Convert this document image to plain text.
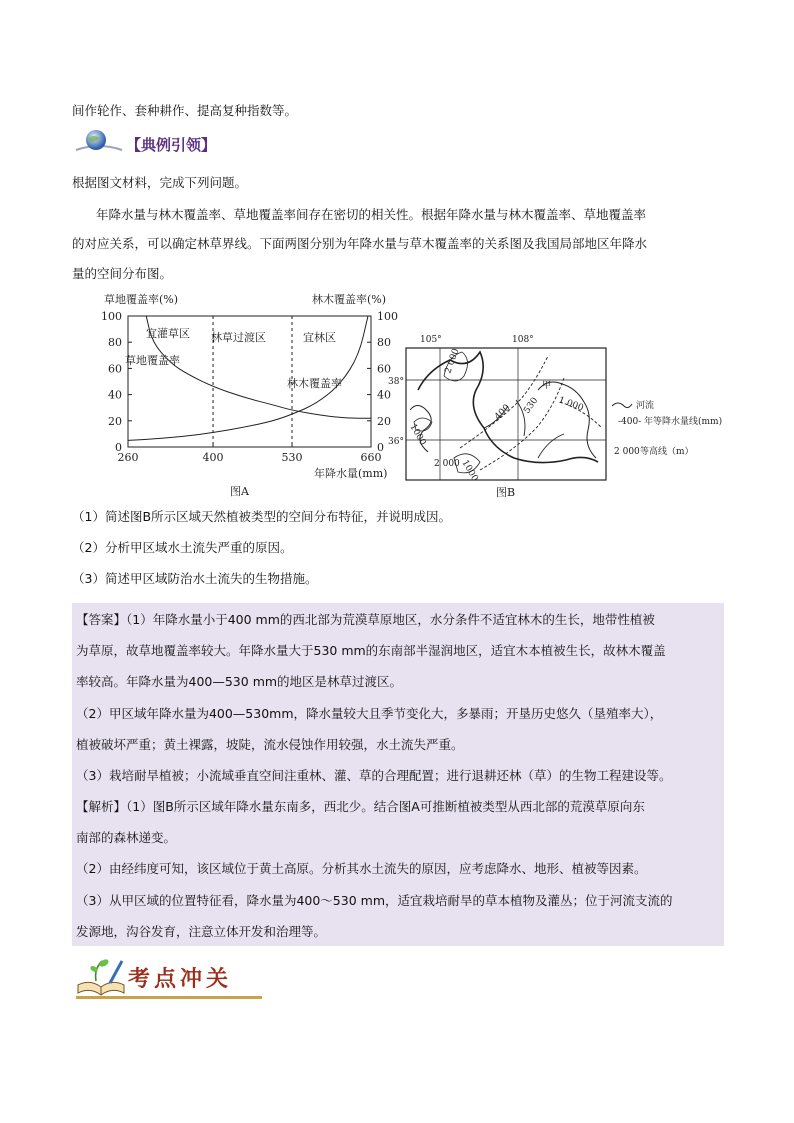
间作轮作、套种耕作、提高复种指数等。
【典例引领】
根据图文材料，完成下列问题。
年降水量与林木覆盖率、草地覆盖率间存在密切的相关性。根据年降水量与林木覆盖率、草地覆盖率
的对应关系，可以确定林草界线。下面两图分别为年降水量与草木覆盖率的关系图及我国局部地区年降水
量的空间分布图。
草地覆盖率(%)	林木覆盖率(%)
0
20
40
60
80
100
0
20
40
60
80
100
260	400	530	660
宜灌草区 林草过渡区	宜林区
草地覆盖率
林木覆盖率
年降水量(mm)
图A
105°	108°
38°
36°
甲
400 530 1 000
2 000
2 000
1000
1000
河流
-400- 年等降水量线(mm)
2 000 等高线（m）
图B
（1）简述图B所示区域天然植被类型的空间分布特征，并说明成因。
（2）分析甲区域水土流失严重的原因。
（3）简述甲区域防治水土流失的生物措施。
【答案】（1）年降水量小于400 mm的西北部为荒漠草原地区，水分条件不适宜林木的生长，地带性植被
为草原，故草地覆盖率较大。年降水量大于530 mm的东南部半湿润地区，适宜木本植被生长，故林木覆盖
率较高。年降水量为400—530 mm的地区是林草过渡区。
（2）甲区域年降水量为400—530mm，降水量较大且季节变化大，多暴雨；开垦历史悠久（垦殖率大），
植被破坏严重；黄土裸露，坡陡，流水侵蚀作用较强，水土流失严重。
（3）栽培耐旱植被；小流域垂直空间注重林、灌、草的合理配置；进行退耕还林（草）的生物工程建设等。
【解析】（1）图B所示区域年降水量东南多，西北少。结合图A可推断植被类型从西北部的荒漠草原向东
南部的森林递变。
（2）由经纬度可知，该区域位于黄土高原。分析其水土流失的原因，应考虑降水、地形、植被等因素。
（3）从甲区域的位置特征看，降水量为400～530 mm，适宜栽培耐旱的草本植物及灌丛；位于河流支流的
发源地，沟谷发育，注意立体开发和治理等。
考点冲关
